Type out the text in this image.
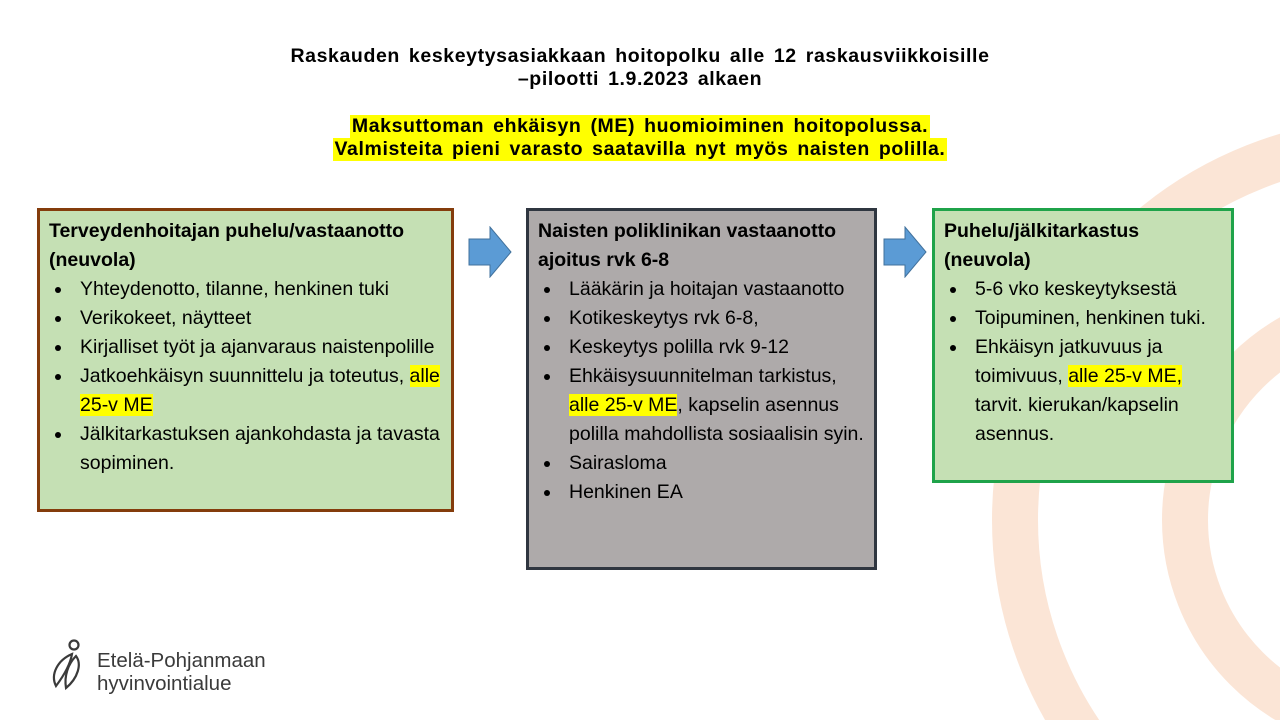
Raskauden keskeytysasiakkaan hoitopolku alle 12 raskausviikkoisille
–pilootti 1.9.2023 alkaen
Maksuttoman ehkäisyn (ME) huomioiminen hoitopolussa.
Valmisteita pieni varasto saatavilla nyt myös naisten polilla.
Terveydenhoitajan puhelu/vastaanotto (neuvola)
Yhteydenotto, tilanne, henkinen tuki
Verikokeet, näytteet
Kirjalliset työt ja ajanvaraus naistenpolille
Jatkoehkäisyn suunnittelu ja toteutus, alle 25-v ME
Jälkitarkastuksen ajankohdasta ja tavasta sopiminen.
Naisten poliklinikan vastaanotto ajoitus rvk 6-8
Lääkärin ja hoitajan vastaanotto
Kotikeskeytys rvk 6-8,
Keskeytys polilla rvk 9-12
Ehkäisysuunnitelman tarkistus, alle 25-v ME, kapselin asennus polilla mahdollista sosiaalisin syin.
Sairasloma
Henkinen EA
Puhelu/jälkitarkastus (neuvola)
5-6 vko keskeytyksestä
Toipuminen, henkinen tuki.
Ehkäisyn jatkuvuus ja toimivuus, alle 25-v ME, tarvit. kierukan/kapselin asennus.
Etelä-Pohjanmaan
hyvinvointialue
